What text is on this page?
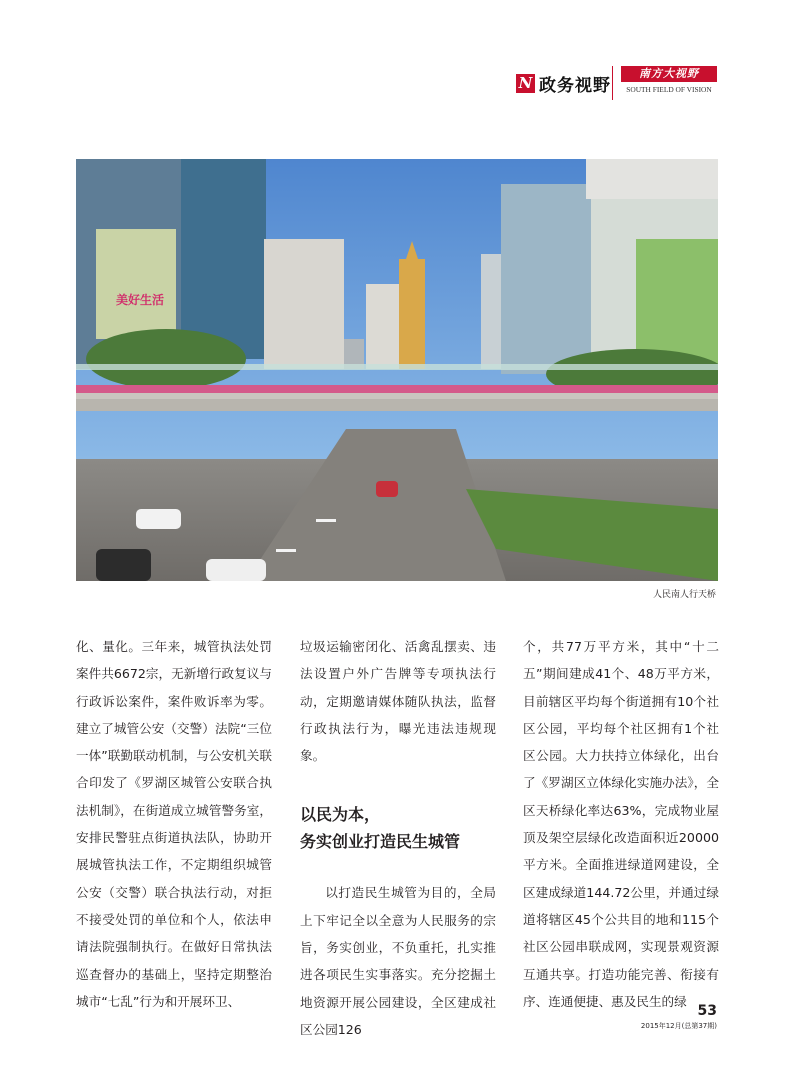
N 政务视野
南方大视野
SOUTH FIELD OF VISION
美好生活
人民南人行天桥

化、量化。三年来，城管执法处罚案件共6672宗，无新增行政复议与行政诉讼案件，案件败诉率为零。建立了城管公安（交警）法院“三位一体”联勤联动机制，与公安机关联合印发了《罗湖区城管公安联合执法机制》，在街道成立城管警务室，安排民警驻点街道执法队，协助开展城管执法工作，不定期组织城管公安（交警）联合执法行动，对拒不接受处罚的单位和个人，依法申请法院强制执行。在做好日常执法巡查督办的基础上，坚持定期整治城市“七乱”行为和开展环卫、

垃圾运输密闭化、活禽乱摆卖、违法设置户外广告牌等专项执法行动，定期邀请媒体随队执法，监督行政执法行为，曝光违法违规现象。

以民为本，
务实创业打造民生城管

以打造民生城管为目的，全局上下牢记全以全意为人民服务的宗旨，务实创业，不负重托，扎实推进各项民生实事落实。充分挖掘土地资源开展公园建设，全区建成社区公园126

个，共77万平方米，其中“十二五”期间建成41个、48万平方米，目前辖区平均每个街道拥有10个社区公园，平均每个社区拥有1个社区公园。大力扶持立体绿化，出台了《罗湖区立体绿化实施办法》，全区天桥绿化率达63%，完成物业屋顶及架空层绿化改造面积近20000平方米。全面推进绿道网建设，全区建成绿道144.72公里，并通过绿道将辖区45个公共目的地和115个社区公园串联成网，实现景观资源互通共享。打造功能完善、衔接有序、连通便捷、惠及民生的绿

53
2015年12月(总第37期)
